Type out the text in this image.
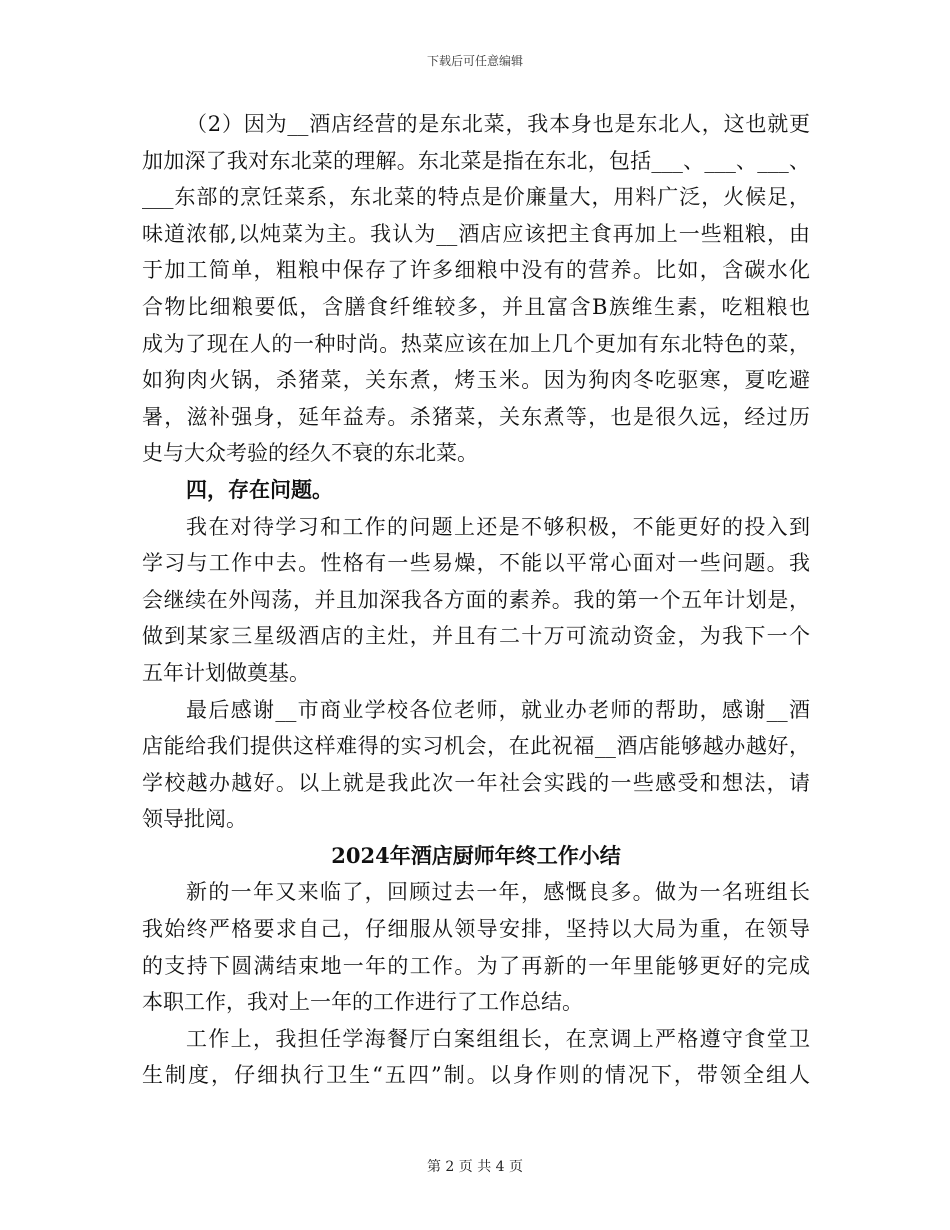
下载后可任意编辑
（2）因为__酒店经营的是东北菜，我本身也是东北人，这也就更
加加深了我对东北菜的理解。东北菜是指在东北，包括___、___、___、
___东部的烹饪菜系，东北菜的特点是价廉量大，用料广泛，火候足，
味道浓郁,以炖菜为主。我认为__酒店应该把主食再加上一些粗粮，由
于加工简单，粗粮中保存了许多细粮中没有的营养。比如，含碳水化
合物比细粮要低，含膳食纤维较多，并且富含B族维生素，吃粗粮也
成为了现在人的一种时尚。热菜应该在加上几个更加有东北特色的菜，
如狗肉火锅，杀猪菜，关东煮，烤玉米。因为狗肉冬吃驱寒，夏吃避
暑，滋补强身，延年益寿。杀猪菜，关东煮等，也是很久远，经过历
史与大众考验的经久不衰的东北菜。
四，存在问题。
我在对待学习和工作的问题上还是不够积极，不能更好的投入到
学习与工作中去。性格有一些易燥，不能以平常心面对一些问题。我
会继续在外闯荡，并且加深我各方面的素养。我的第一个五年计划是，
做到某家三星级酒店的主灶，并且有二十万可流动资金，为我下一个
五年计划做奠基。
最后感谢__市商业学校各位老师，就业办老师的帮助，感谢__酒
店能给我们提供这样难得的实习机会，在此祝福__酒店能够越办越好，
学校越办越好。以上就是我此次一年社会实践的一些感受和想法，请
领导批阅。
2024年酒店厨师年终工作小结
新的一年又来临了，回顾过去一年，感慨良多。做为一名班组长
我始终严格要求自己，仔细服从领导安排，坚持以大局为重，在领导
的支持下圆满结束地一年的工作。为了再新的一年里能够更好的完成
本职工作，我对上一年的工作进行了工作总结。
工作上，我担任学海餐厅白案组组长，在烹调上严格遵守食堂卫
生制度，仔细执行卫生“五四”制。以身作则的情况下，带领全组人
第 2 页 共 4 页
